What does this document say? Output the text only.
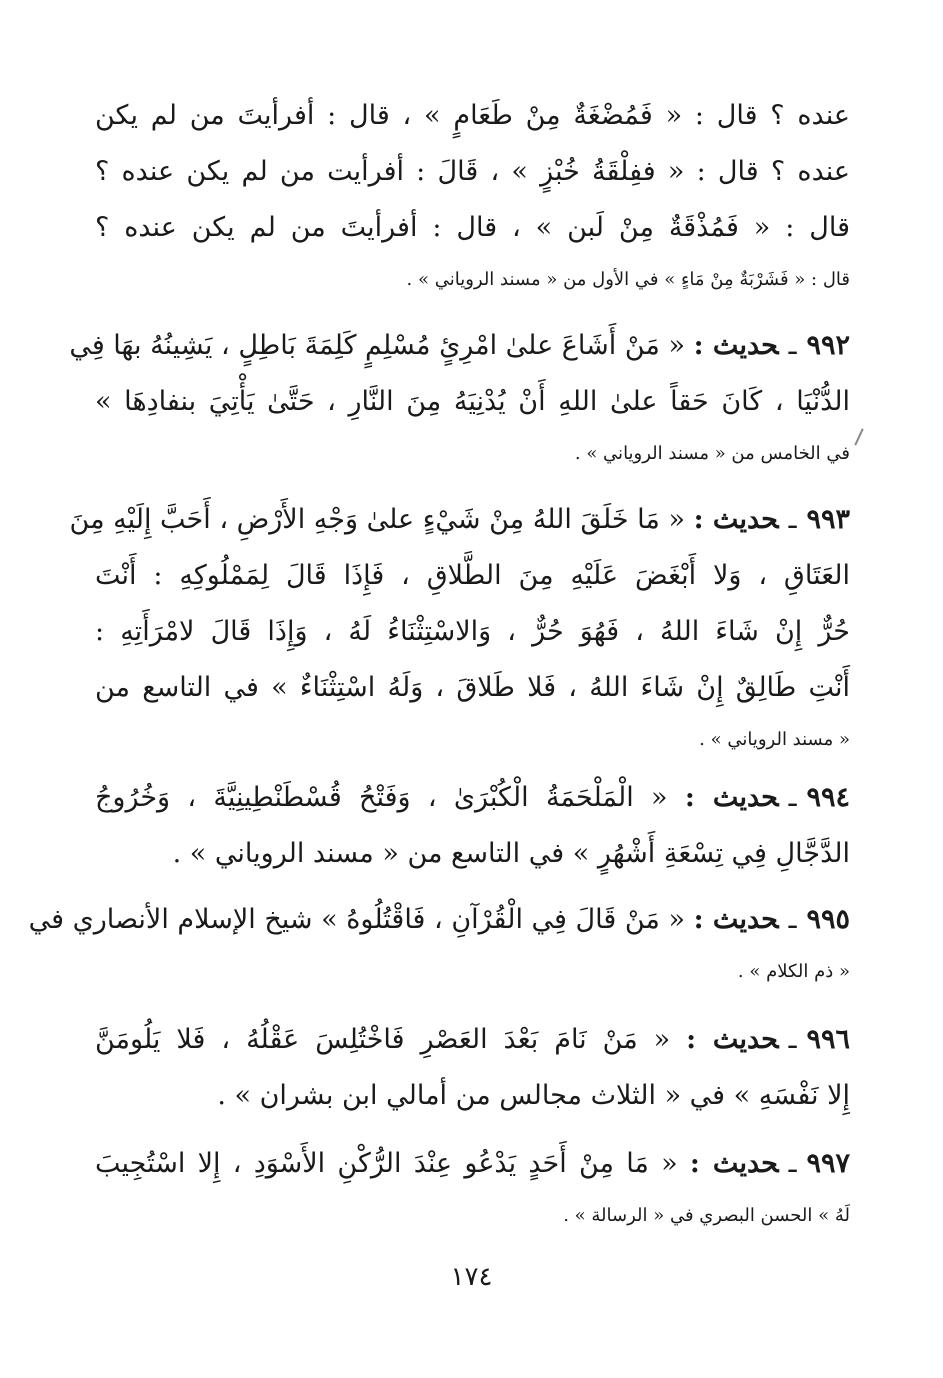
عنده ؟ قال : « فَمُضْغَةٌ مِنْ طَعَامٍ » ، قال : أفرأيتَ من لم يكن
عنده ؟ قال : « ففِلْقَةُ خُبْزٍ » ، قَالَ : أفرأيت من لم يكن عنده ؟
قال : « فَمُذْقَةٌ مِنْ لَبن » ، قال : أفرأيتَ من لم يكن عنده ؟
قال : « فَشَرْبَةٌ مِنْ مَاءٍ » في الأول من « مسند الروياني » .
٩٩٢ـحديث : « مَنْ أَشَاعَ علىٰ امْرِئٍ مُسْلِمٍ كَلِمَةَ بَاطِلٍ ، يَشِينُهُ بهَا فِي
الدُّنْيَا ، كَانَ حَقاً علىٰ اللهِ أَنْ يُدْنِيَهُ مِنَ النَّارِ ، حَتَّىٰ يَأْتِيَ بنفادِهَا »
في الخامس من « مسند الروياني » .
٩٩٣ـحديث : « مَا خَلَقَ اللهُ مِنْ شَيْءٍ علىٰ وَجْهِ الأَرْضِ ، أَحَبَّ إِلَيْهِ مِنَ
العَتَاقِ ، وَلا أَبْغَضَ عَلَيْهِ مِنَ الطَّلاقِ ، فَإِذَا قَالَ لِمَمْلُوكِهِ : أَنْتَ
حُرٌّ إِنْ شَاءَ اللهُ ، فَهُوَ حُرٌّ ، وَالاسْتِثْنَاءُ لَهُ ، وَإِذَا قَالَ لامْرَأَتِهِ :
أَنْتِ طَالِقٌ إِنْ شَاءَ اللهُ ، فَلا طَلاقَ ، وَلَهُ اسْتِثْنَاءٌ » في التاسع من
« مسند الروياني » .
٩٩٤ـحديث : « الْمَلْحَمَةُ الْكُبْرَىٰ ، وَفَتْحُ قُسْطَنْطِينِيَّةَ ، وَخُرُوجُ
الدَّجَّالِ فِي تِسْعَةِ أَشْهُرٍ » في التاسع من « مسند الروياني » .
٩٩٥ـحديث : « مَنْ قَالَ فِي الْقُرْآنِ ، فَاقْتُلُوهُ » شيخ الإسلام الأنصاري في
« ذم الكلام » .
٩٩٦ـحديث : « مَنْ نَامَ بَعْدَ العَصْرِ فَاخْتُلِسَ عَقْلُهُ ، فَلا يَلُومَنَّ
إِلا نَفْسَهِ » في « الثلاث مجالس من أمالي ابن بشران » .
٩٩٧ـحديث : « مَا مِنْ أَحَدٍ يَدْعُو عِنْدَ الرُّكْنِ الأَسْوَدِ ، إِلا اسْتُجِيبَ
لَهُ » الحسن البصري في « الرسالة » .
١٧٤
